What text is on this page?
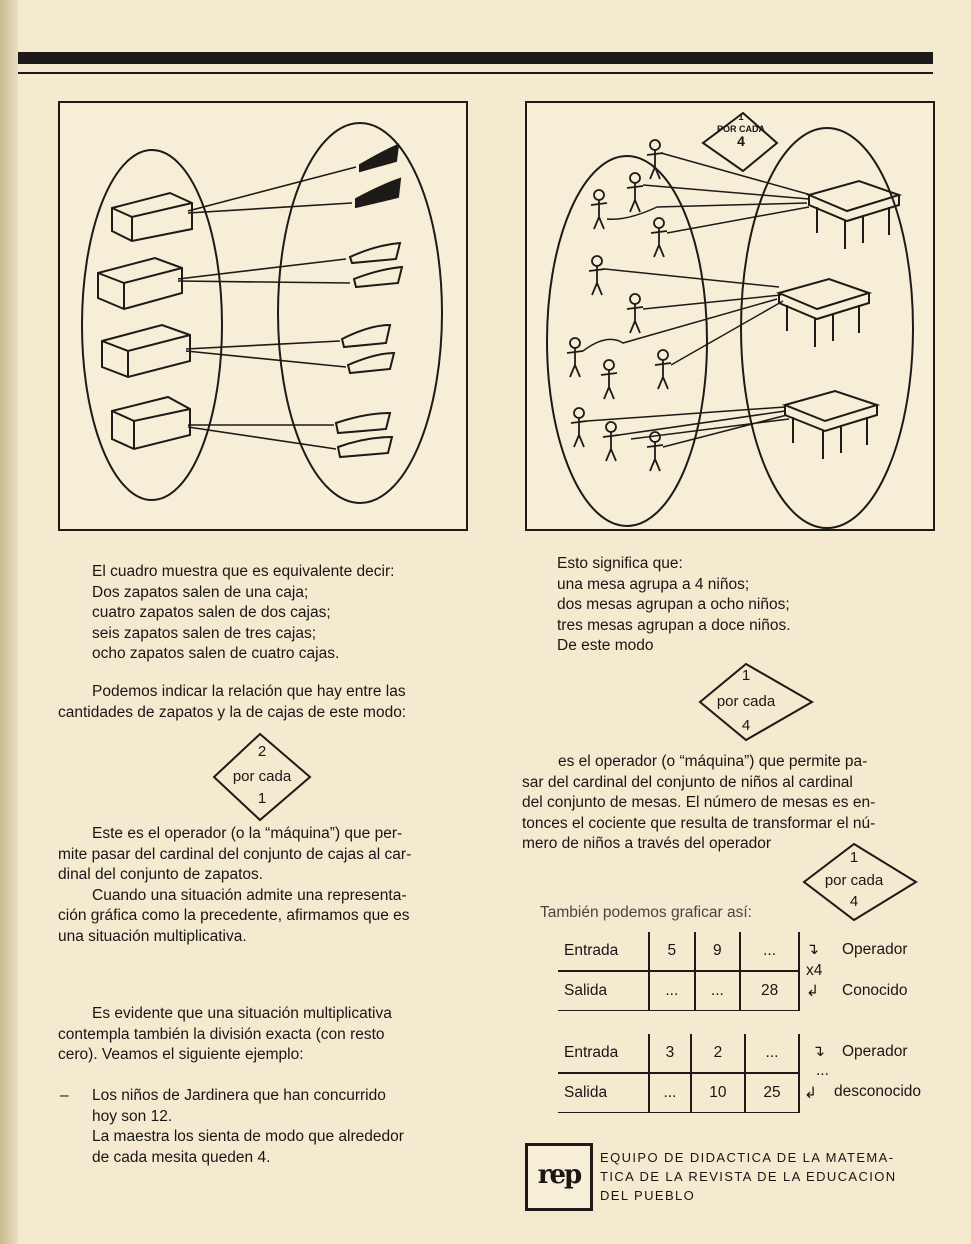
1
POR CADA
4
El cuadro muestra que es equivalente decir:
Dos zapatos salen de una caja;
cuatro zapatos salen de dos cajas;
seis zapatos salen de tres cajas;
ocho zapatos salen de cuatro cajas.
Podemos indicar la relación que hay entre las
cantidades de zapatos y la de cajas de este modo:
2
por cada
1
Este es el operador (o la “máquina”) que per-
mite pasar del cardinal del conjunto de cajas al car-
dinal del conjunto de zapatos.
Cuando una situación admite una representa-
ción gráfica como la precedente, afirmamos que es
una situación multiplicativa.
Es evidente que una situación multiplicativa
contempla también la división exacta (con resto
cero). Veamos el siguiente ejemplo:
– Los niños de Jardinera que han concurrido
hoy son 12.
La maestra los sienta de modo que alrededor
de cada mesita queden 4.
Esto significa que:
una mesa agrupa a 4 niños;
dos mesas agrupan a ocho niños;
tres mesas agrupan a doce niños.
De este modo
1
por cada
4
es el operador (o “máquina”) que permite pa-
sar del cardinal del conjunto de niños al cardinal
del conjunto de mesas. El número de mesas es en-
tonces el cociente que resulta de transformar el nú-
mero de niños a través del operador
1
por cada
4
También podemos graficar así:
Entrada	5	9	...
Salida	...	...	28
↴
x4
↲
Operador
Conocido
Entrada	3	2	...
Salida	...	10	25
↴
...
↲
Operador
desconocido
rep
EQUIPO DE DIDACTICA DE LA MATEMA-
TICA DE LA REVISTA DE LA EDUCACION
DEL PUEBLO
